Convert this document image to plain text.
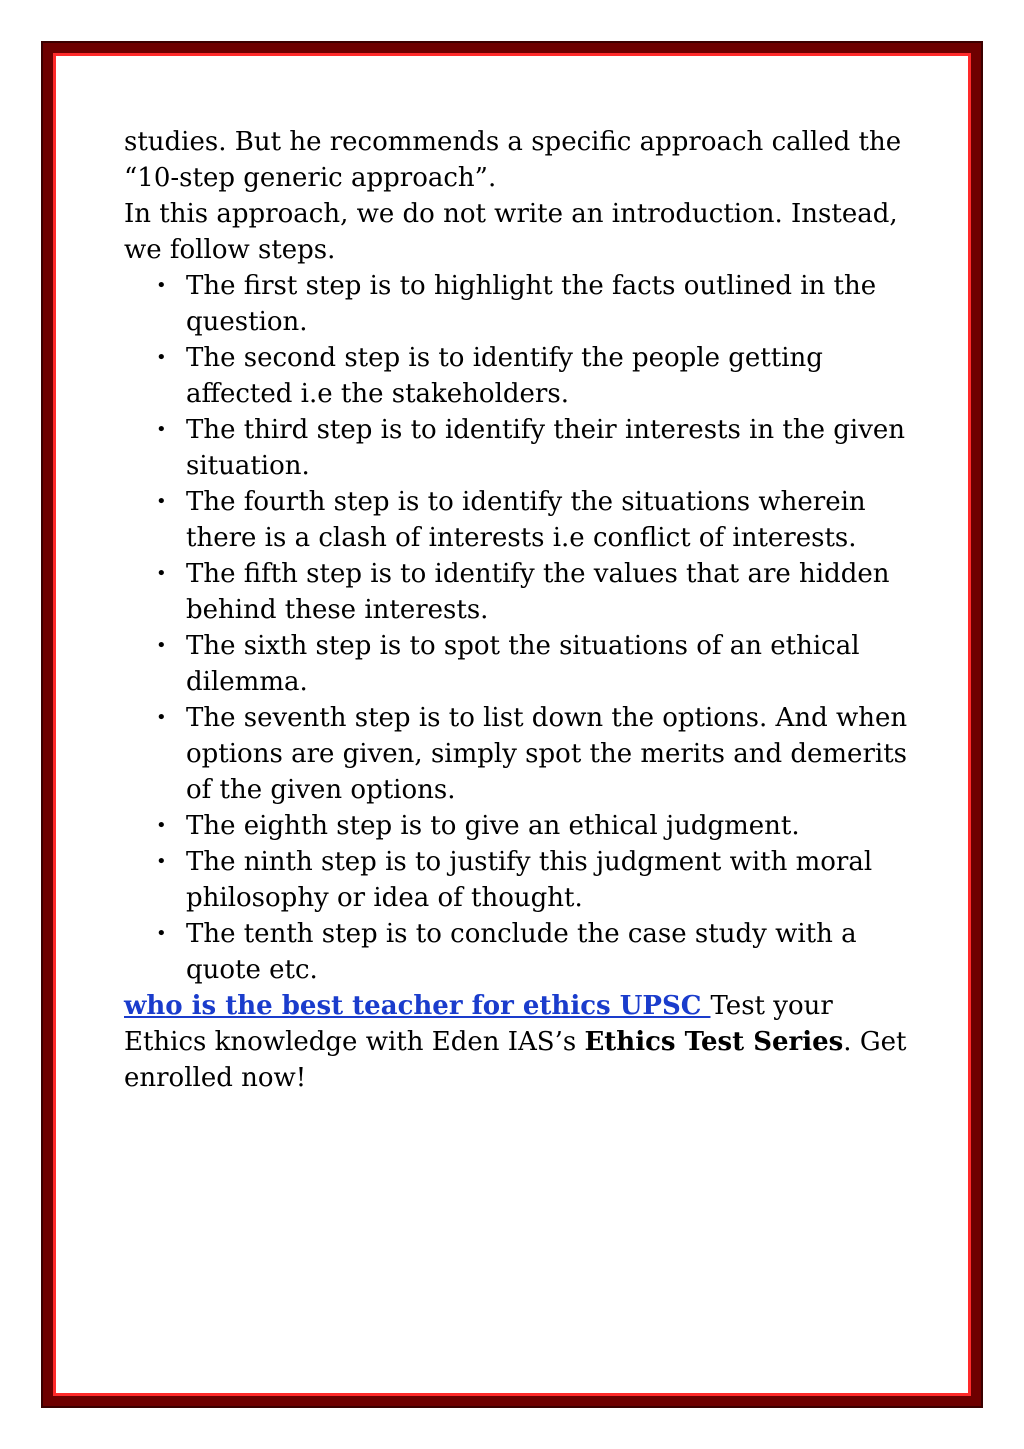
studies. But he recommends a specific approach called the “10-step generic approach”.

In this approach, we do not write an introduction. Instead, we follow steps.

• The first step is to highlight the facts outlined in the question.
• The second step is to identify the people getting affected i.e the stakeholders.
• The third step is to identify their interests in the given situation.
• The fourth step is to identify the situations wherein there is a clash of interests i.e conflict of interests.
• The fifth step is to identify the values that are hidden behind these interests.
• The sixth step is to spot the situations of an ethical dilemma.
• The seventh step is to list down the options. And when options are given, simply spot the merits and demerits of the given options.
• The eighth step is to give an ethical judgment.
• The ninth step is to justify this judgment with moral philosophy or idea of thought.
• The tenth step is to conclude the case study with a quote etc.

who is the best teacher for ethics UPSC Test your Ethics knowledge with Eden IAS’s Ethics Test Series. Get enrolled now!
